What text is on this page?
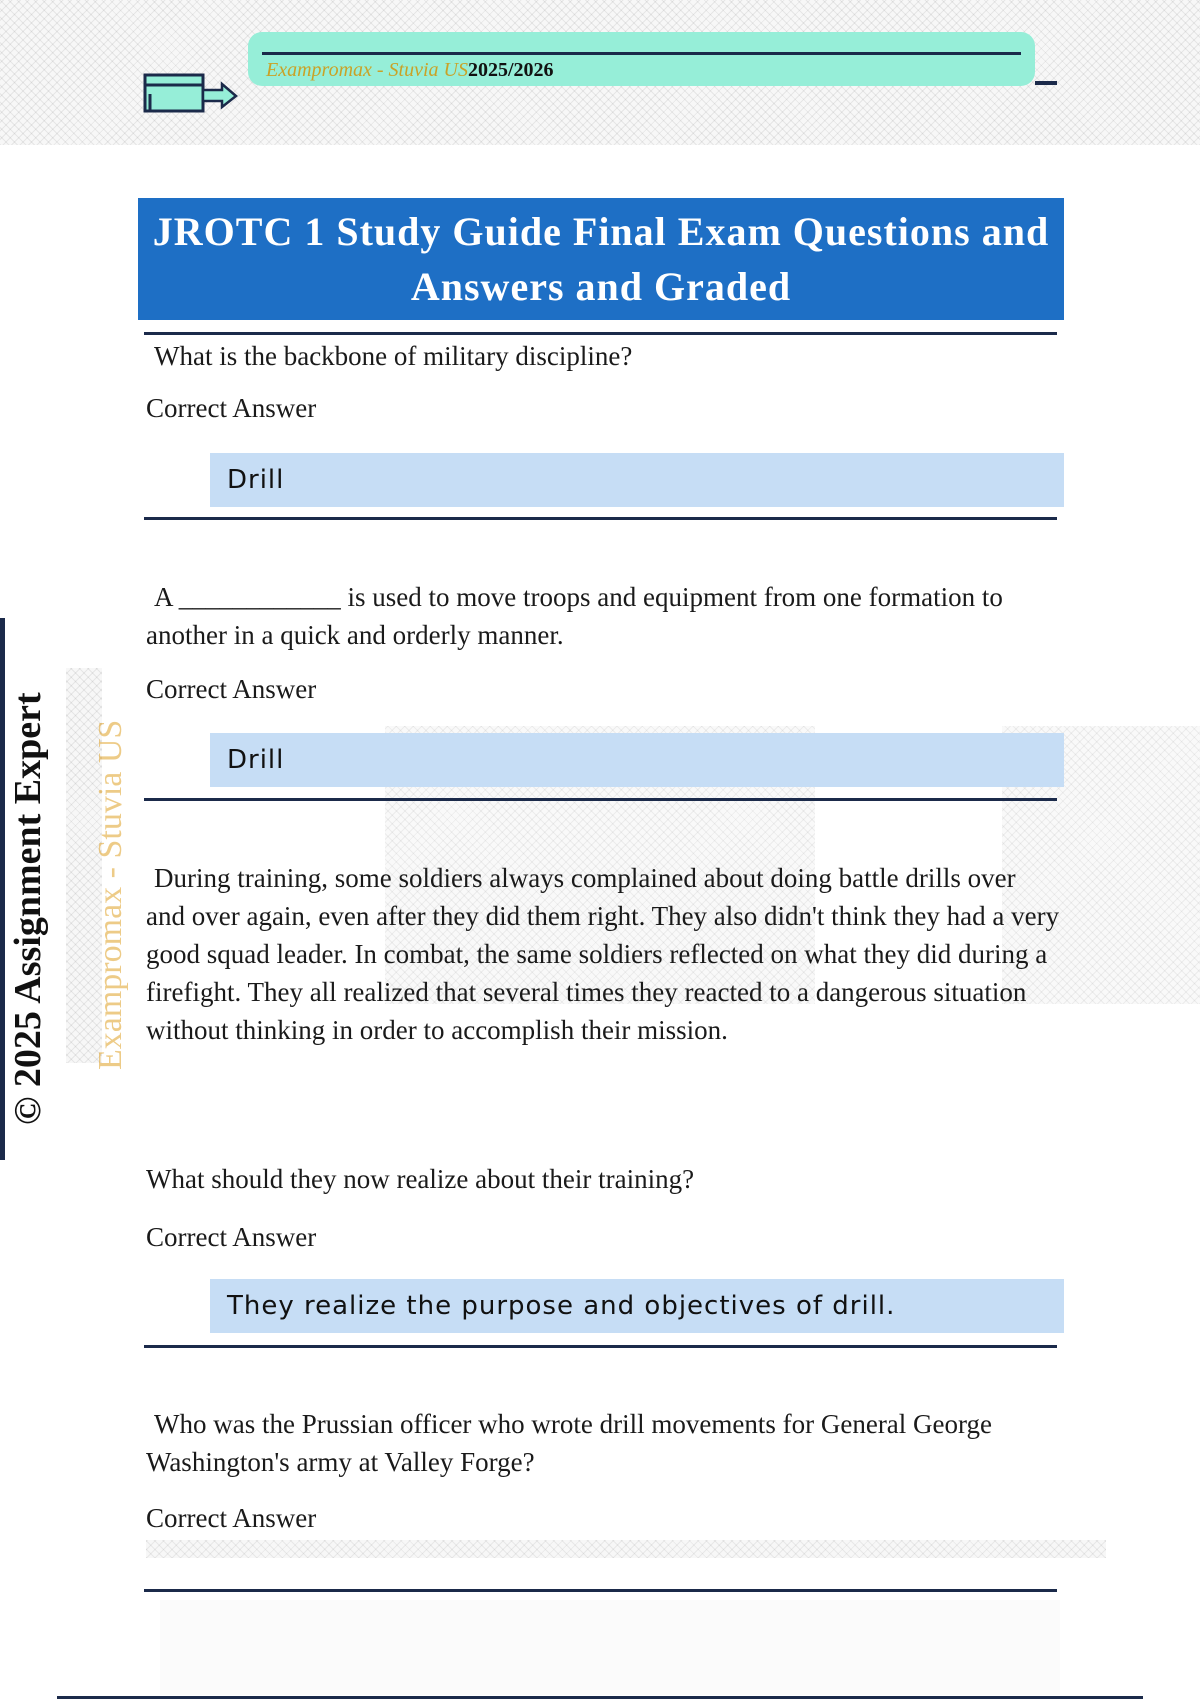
Exampromax - Stuvia US2025/2026
Exampromax - Stuvia US
© 2025 Assignment Expert
JROTC 1 Study Guide Final Exam Questions and Answers and Graded
What is the backbone of military discipline?
Correct Answer
Drill
A ____________ is used to move troops and equipment from one formation to another in a quick and orderly manner.
Correct Answer
Drill
During training, some soldiers always complained about doing battle drills over and over again, even after they did them right. They also didn't think they had a very good squad leader. In combat, the same soldiers reflected on what they did during a firefight. They all realized that several times they reacted to a dangerous situation without thinking in order to accomplish their mission.
What should they now realize about their training?
Correct Answer
They realize the purpose and objectives of drill.
Who was the Prussian officer who wrote drill movements for General George Washington's army at Valley Forge?
Correct Answer
